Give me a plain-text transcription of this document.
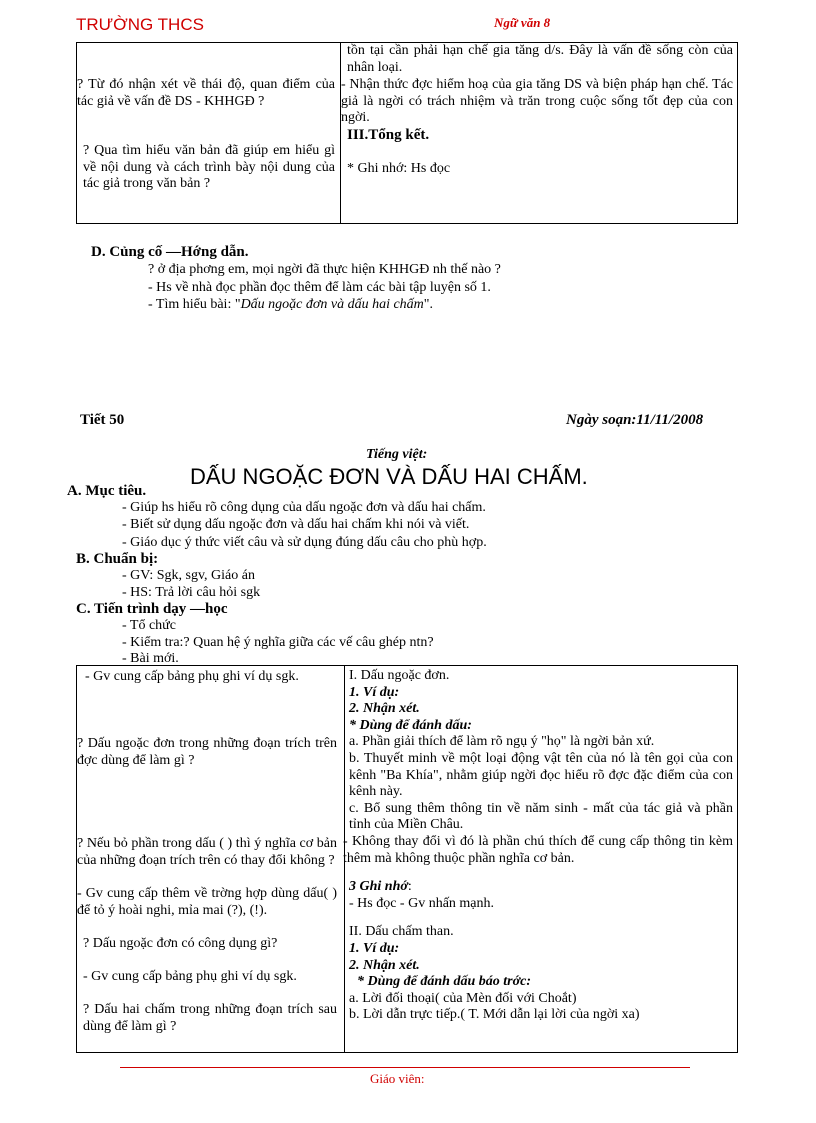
TRƯỜNG THCS	Ngữ văn 8
? Từ đó nhận xét về thái độ, quan điểm của tác giả về vấn đề DS - KHHGĐ ?
? Qua tìm hiểu văn bản đã giúp em hiểu gì về nội dung và cách trình bày nội dung của tác giả trong văn bản ?
tồn tại cần phải hạn chế gia tăng d/s. Đây là vấn đề sống còn của nhân loại.
- Nhận thức đợc hiểm hoạ của gia tăng DS và biện pháp hạn chế. Tác giả là ngời có trách nhiệm và trăn trong cuộc sống tốt đẹp của con ngời.
III.Tổng kết.
* Ghi nhớ: Hs đọc
D. Củng cố —Hớng dẫn.
? ở địa phơng em, mọi ngời đã thực hiện KHHGĐ nh thế nào ?
- Hs về nhà đọc phần đọc thêm để làm các bài tập luyện số 1.
- Tìm hiểu bài: "Dấu ngoặc đơn và dấu hai chấm".
Tiết 50	Ngày soạn:11/11/2008
Tiếng việt:
DẤU NGOẶC ĐƠN VÀ DẤU HAI CHẤM.
A. Mục tiêu.
- Giúp hs hiểu rõ công dụng của dấu ngoặc đơn và dấu hai chấm.
- Biết sử dụng dấu ngoặc đơn và dấu hai chấm khi nói và viết.
- Giáo dục ý thức viết câu và sử dụng đúng dấu câu cho phù hợp.
B. Chuẩn bị:
- GV: Sgk, sgv, Giáo án
- HS: Trả lời câu hỏi sgk
C. Tiến trình dạy —học
- Tổ chức
- Kiểm tra:? Quan hệ ý nghĩa giữa các vế câu ghép ntn?
- Bài mới.
- Gv cung cấp bảng phụ ghi ví dụ sgk.
? Dấu ngoặc đơn trong những đoạn trích trên đợc dùng để làm gì ?
? Nếu bỏ phần trong dấu ( ) thì ý nghĩa cơ bản của những đoạn trích trên có thay đổi không ?
- Gv cung cấp thêm về trờng hợp dùng dấu( ) để tỏ ý hoài nghi, mỉa mai (?), (!).
? Dấu ngoặc đơn có công dụng gì?
- Gv cung cấp bảng phụ ghi ví dụ sgk.
? Dấu hai chấm trong những đoạn trích sau dùng để làm gì ?

I. Dấu ngoặc đơn.

1. Ví dụ:

2. Nhận xét.

* Dùng để đánh dấu:

a. Phần giải thích để làm rõ ngụ ý "họ" là ngời bản xứ.

b. Thuyết minh về một loại động vật tên của nó là tên gọi của con kênh "Ba Khía", nhằm giúp ngời đọc hiểu rõ đợc đặc điểm của con kênh này.

c. Bổ sung thêm thông tin về năm sinh - mất của tác giả và phần tỉnh của Miền Châu.

- Không thay đổi vì đó là phần chú thích để cung cấp thông tin kèm thêm mà không thuộc phần nghĩa cơ bản.

3 Ghi nhớ:

- Hs đọc - Gv nhấn mạnh.

II. Dấu chấm than.

1. Ví dụ:

2. Nhận xét.

* Dùng để đánh dấu báo trớc:

a. Lời đối thoại( của Mèn đối với Choắt)

b. Lời dẫn trực tiếp.( T. Mới dẫn lại lời của ngời xa)

Giáo viên:
